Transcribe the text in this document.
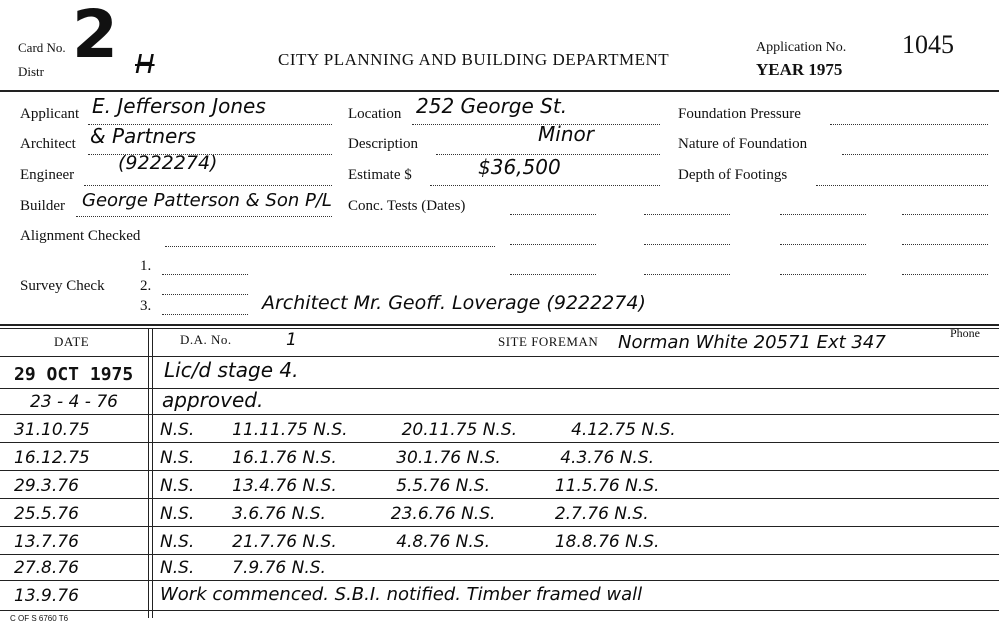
Card No.
Distr 2 H	CITY PLANNING AND BUILDING DEPARTMENT
Application No. 1045
YEAR 1975
Applicant E. Jefferson Jones
Architect & Partners
Engineer
(9222274)
Builder George Patterson & Son P/L
Alignment Checked
Survey Check
1.
2.
3.	Architect Mr. Geoff. Loverage (9222274)
Location 252 George St.
Description	Minor
Estimate $	$36,500
Conc. Tests (Dates)
Foundation Pressure
Nature of Foundation
Depth of Footings
DATE	D.A. No.	1	SITE FOREMAN Norman White 20571 Ext 347	Phone
29 OCT 1975 Lic/d stage 4.
23 - 4 - 76 approved.
31.10.75	N.S.       11.11.75 N.S.          20.11.75 N.S.          4.12.75 N.S.
16.12.75	N.S.       16.1.76 N.S.           30.1.76 N.S.           4.3.76 N.S.
29.3.76	N.S.       13.4.76 N.S.           5.5.76 N.S.            11.5.76 N.S.
25.5.76	N.S.       3.6.76 N.S.            23.6.76 N.S.           2.7.76 N.S.
13.7.76	N.S.       21.7.76 N.S.           4.8.76 N.S.            18.8.76 N.S.
27.8.76	N.S.       7.9.76 N.S.
13.9.76	Work commenced. S.B.I. notified. Timber framed wall
C OF S 6760 T6
